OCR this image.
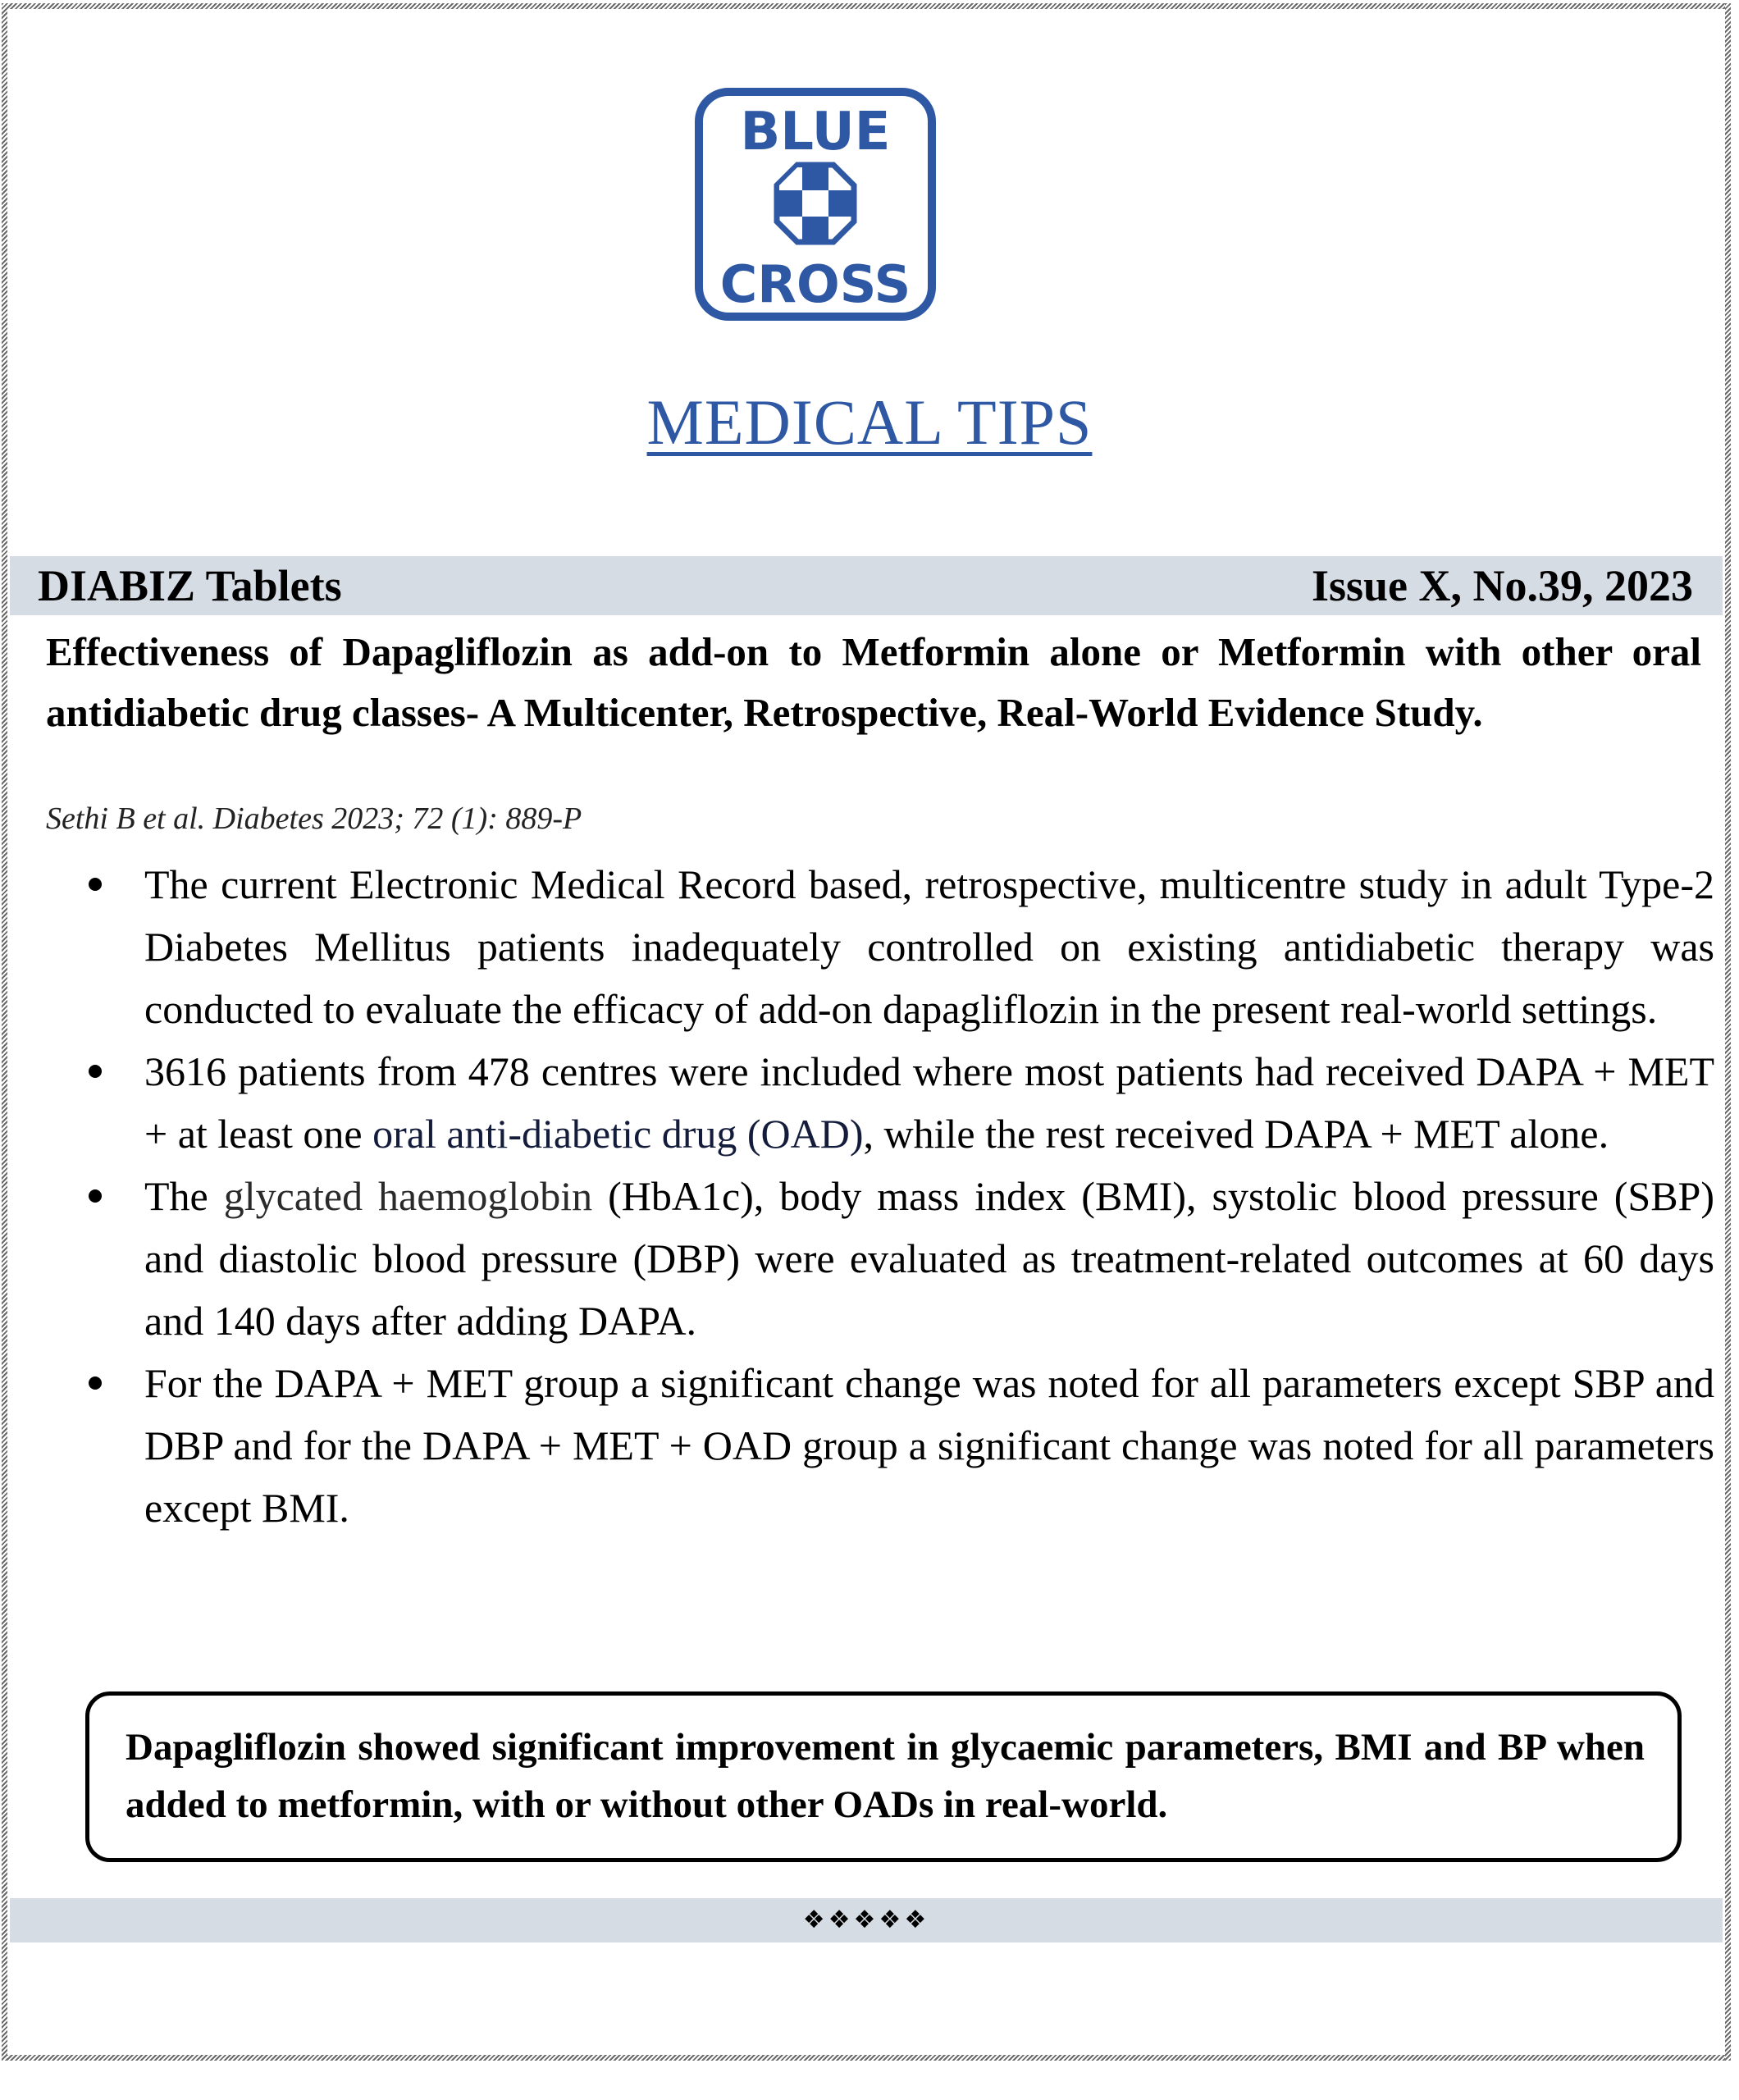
BLUE
CROSS
MEDICAL TIPS
DIABIZ Tablets	Issue X, No.39, 2023
Effectiveness of Dapagliflozin as add-on to Metformin alone or Metformin with other oral antidiabetic drug classes- A Multicenter, Retrospective, Real-World Evidence Study.
Sethi B et al. Diabetes 2023; 72 (1): 889-P
The current Electronic Medical Record based, retrospective, multicentre study in adult Type-2 Diabetes Mellitus patients inadequately controlled on existing antidiabetic therapy was conducted to evaluate the efficacy of add-on dapagliflozin in the present real-world settings.
3616 patients from 478 centres were included where most patients had received DAPA + MET + at least one oral anti-diabetic drug (OAD), while the rest received DAPA + MET alone.
The glycated haemoglobin (HbA1c), body mass index (BMI), systolic blood pressure (SBP) and diastolic blood pressure (DBP) were evaluated as treatment-related outcomes at 60 days and 140 days after adding DAPA.
For the DAPA + MET group a significant change was noted for all parameters except SBP and DBP and for the DAPA + MET + OAD group a significant change was noted for all parameters except BMI.
Dapagliflozin showed significant improvement in glycaemic parameters, BMI and BP when added to metformin, with or without other OADs in real-world.
❖❖❖❖❖
